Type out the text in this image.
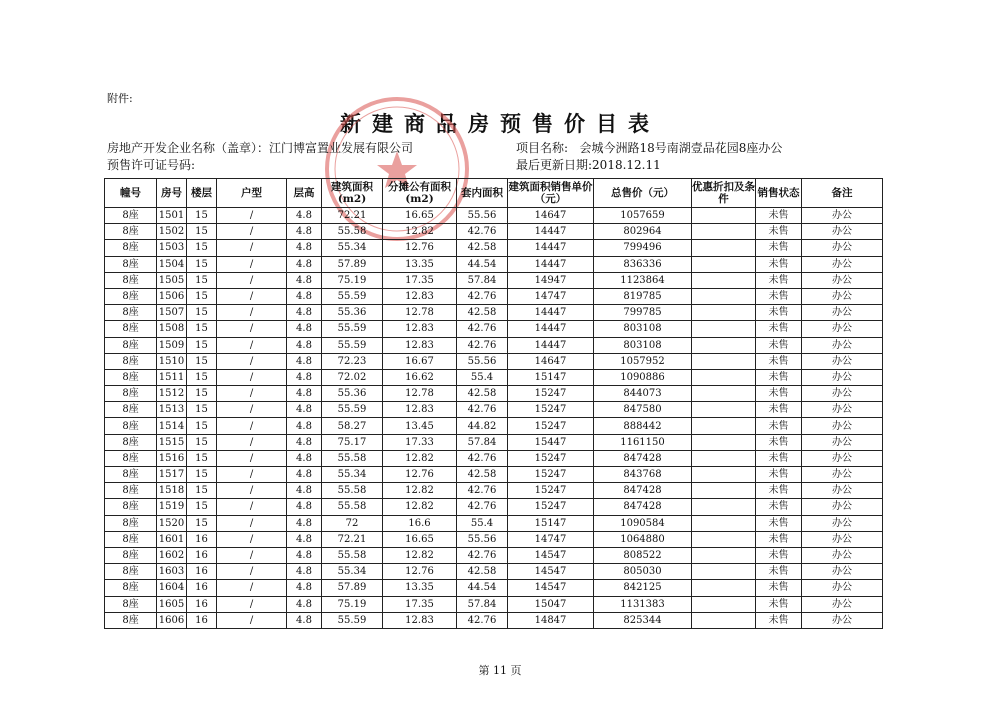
附件:
新建商品房预售价目表
房地产开发企业名称（盖章）：江门博富置业发展有限公司
预售许可证号码:
项目名称: 会城今洲路18号南湖壹品花园8座办公
最后更新日期:2018.12.11
幢号	房号	楼层	户型	层高	建筑面积(m2)	分摊公有面积(m2)	套内面积	建筑面积销售单价（元）	总售价（元）	优惠折扣及条件	销售状态	备注
8座	1501	15	/	4.8	72.21	16.65	55.56	14647	1057659		未售	办公
8座	1502	15	/	4.8	55.58	12.82	42.76	14447	802964		未售	办公
8座	1503	15	/	4.8	55.34	12.76	42.58	14447	799496		未售	办公
8座	1504	15	/	4.8	57.89	13.35	44.54	14447	836336		未售	办公
8座	1505	15	/	4.8	75.19	17.35	57.84	14947	1123864		未售	办公
8座	1506	15	/	4.8	55.59	12.83	42.76	14747	819785		未售	办公
8座	1507	15	/	4.8	55.36	12.78	42.58	14447	799785		未售	办公
8座	1508	15	/	4.8	55.59	12.83	42.76	14447	803108		未售	办公
8座	1509	15	/	4.8	55.59	12.83	42.76	14447	803108		未售	办公
8座	1510	15	/	4.8	72.23	16.67	55.56	14647	1057952		未售	办公
8座	1511	15	/	4.8	72.02	16.62	55.4	15147	1090886		未售	办公
8座	1512	15	/	4.8	55.36	12.78	42.58	15247	844073		未售	办公
8座	1513	15	/	4.8	55.59	12.83	42.76	15247	847580		未售	办公
8座	1514	15	/	4.8	58.27	13.45	44.82	15247	888442		未售	办公
8座	1515	15	/	4.8	75.17	17.33	57.84	15447	1161150		未售	办公
8座	1516	15	/	4.8	55.58	12.82	42.76	15247	847428		未售	办公
8座	1517	15	/	4.8	55.34	12.76	42.58	15247	843768		未售	办公
8座	1518	15	/	4.8	55.58	12.82	42.76	15247	847428		未售	办公
8座	1519	15	/	4.8	55.58	12.82	42.76	15247	847428		未售	办公
8座	1520	15	/	4.8	72	16.6	55.4	15147	1090584		未售	办公
8座	1601	16	/	4.8	72.21	16.65	55.56	14747	1064880		未售	办公
8座	1602	16	/	4.8	55.58	12.82	42.76	14547	808522		未售	办公
8座	1603	16	/	4.8	55.34	12.76	42.58	14547	805030		未售	办公
8座	1604	16	/	4.8	57.89	13.35	44.54	14547	842125		未售	办公
8座	1605	16	/	4.8	75.19	17.35	57.84	15047	1131383		未售	办公
8座	1606	16	/	4.8	55.59	12.83	42.76	14847	825344		未售	办公
第 11 页
